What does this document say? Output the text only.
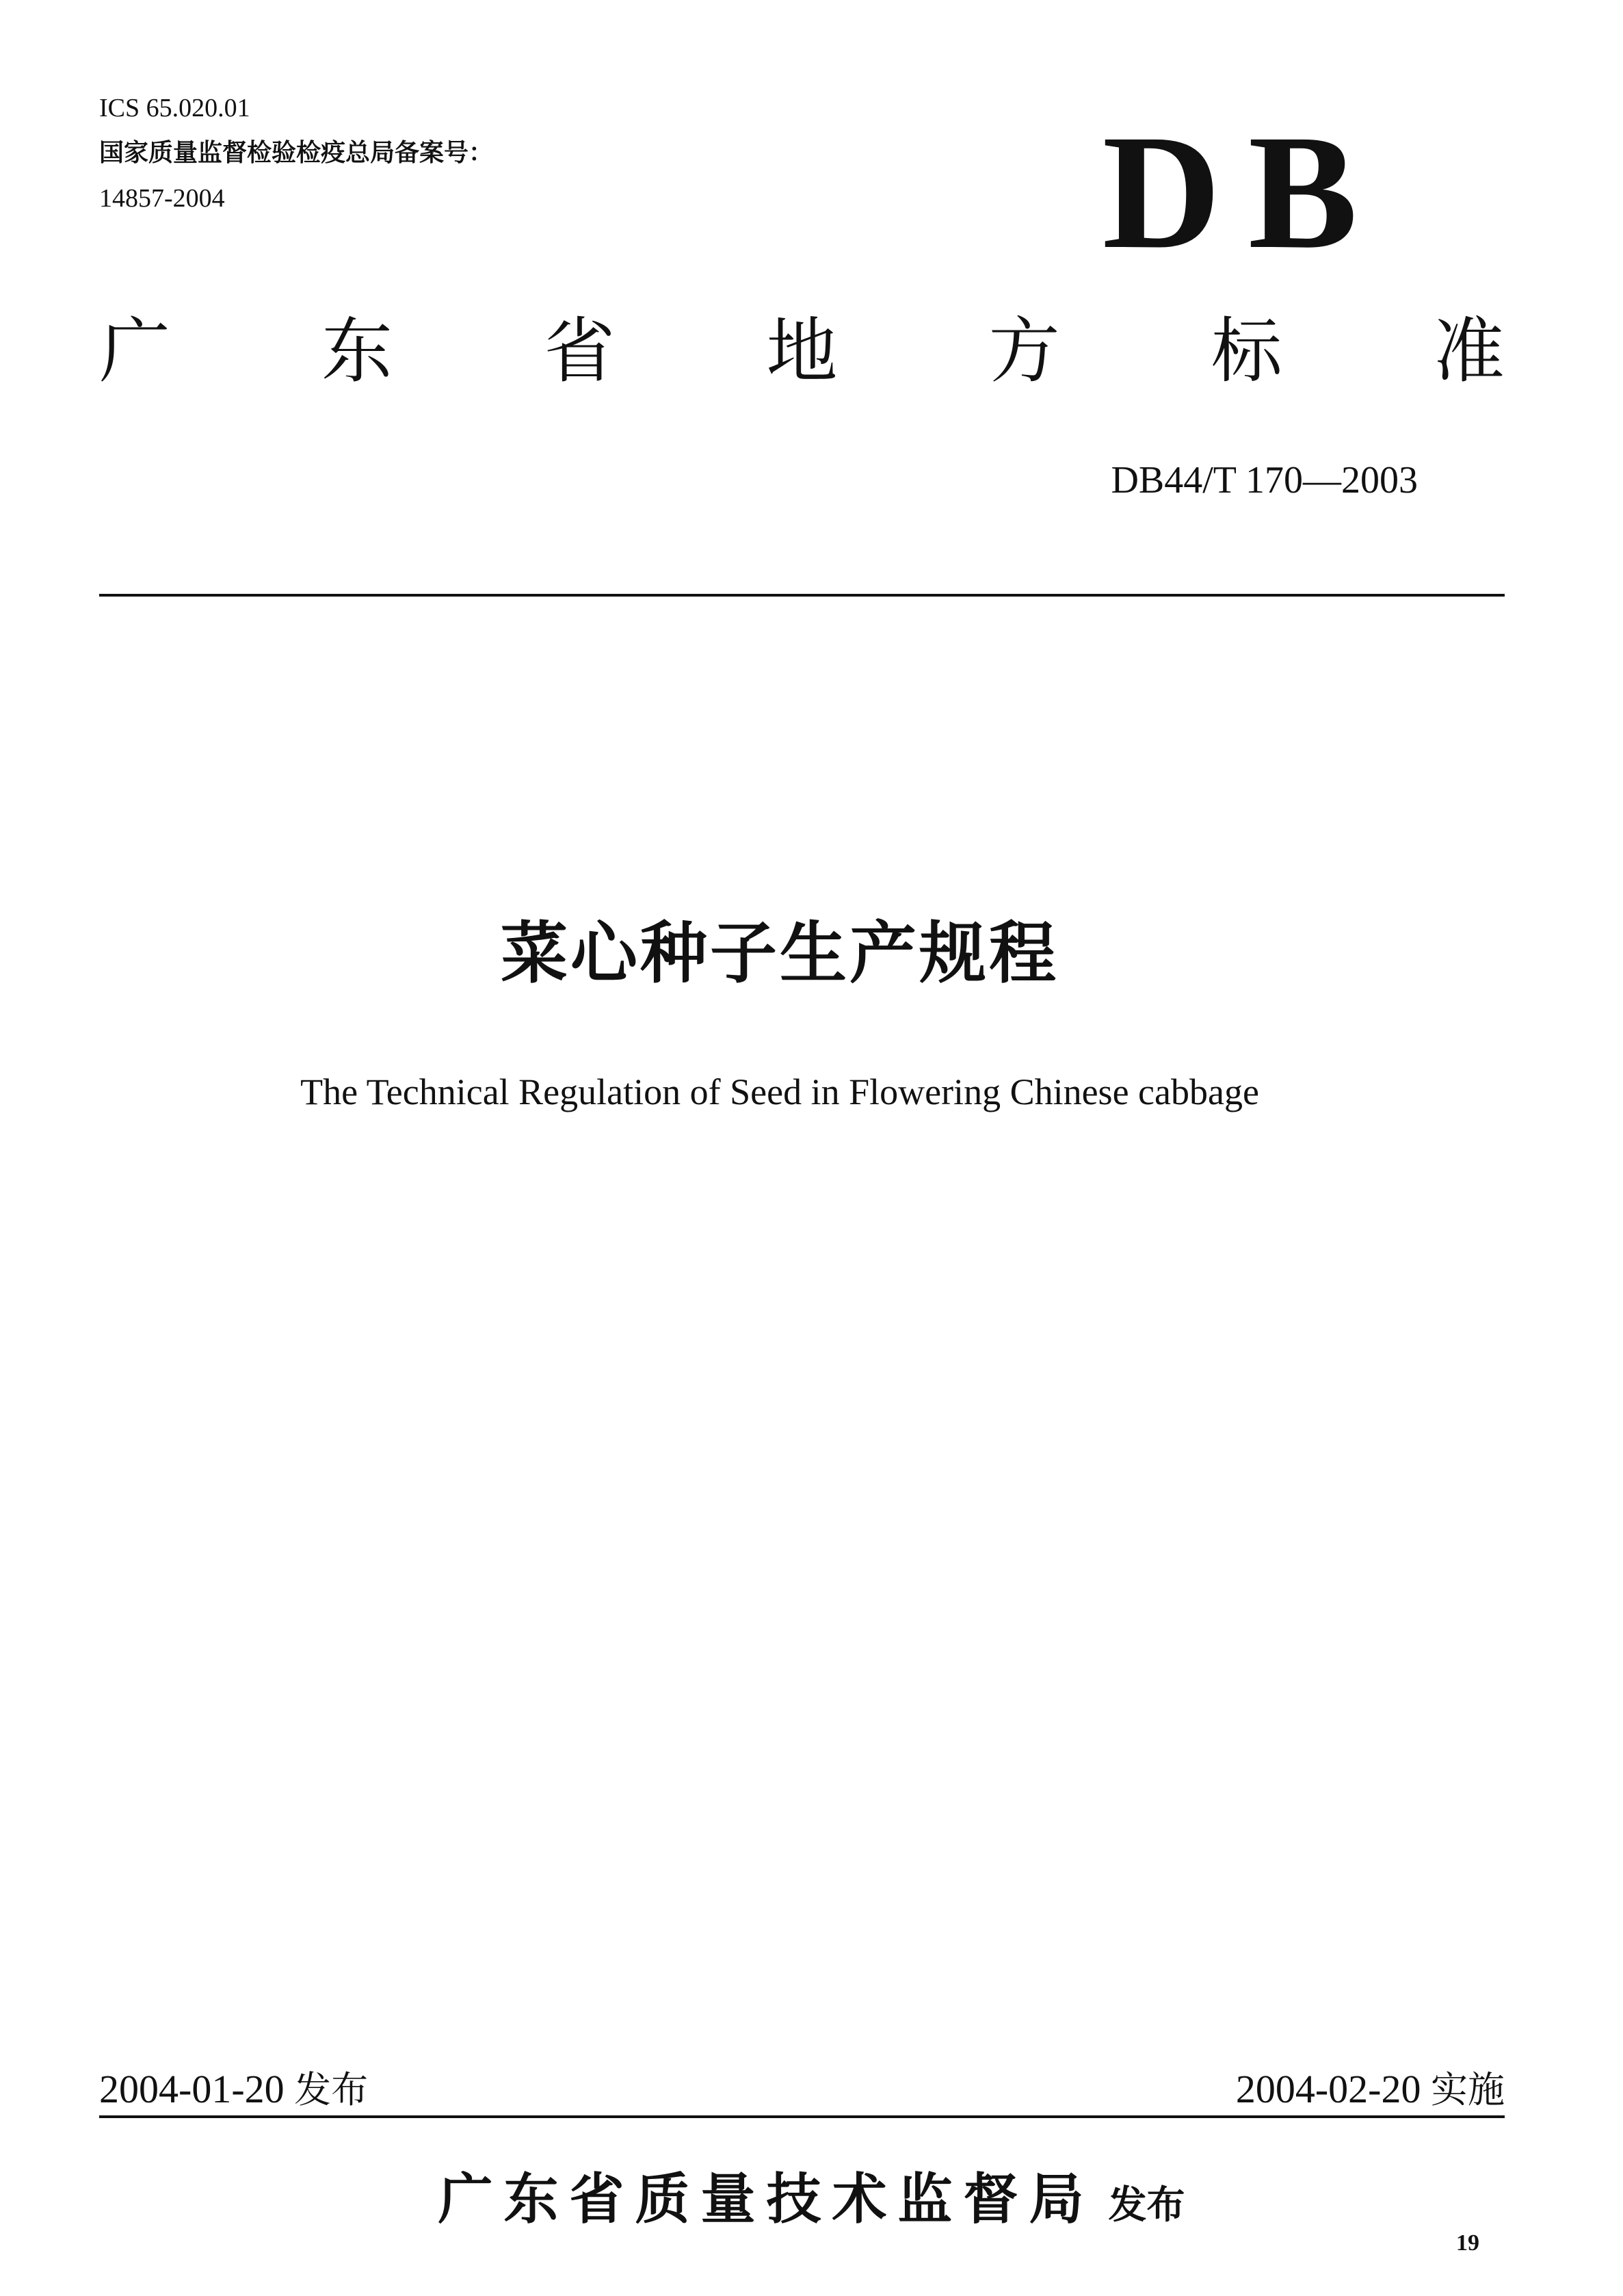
ICS 65.020.01
国家质量监督检验检疫总局备案号：
14857-2004	DB
广 东 省 地 方 标 准
DB44/T 170—2003
菜心种子生产规程
The Technical Regulation of Seed in Flowering Chinese cabbage
2004-01-20 发布	2004-02-20 实施
广东省质量技术监督局 发布
19
